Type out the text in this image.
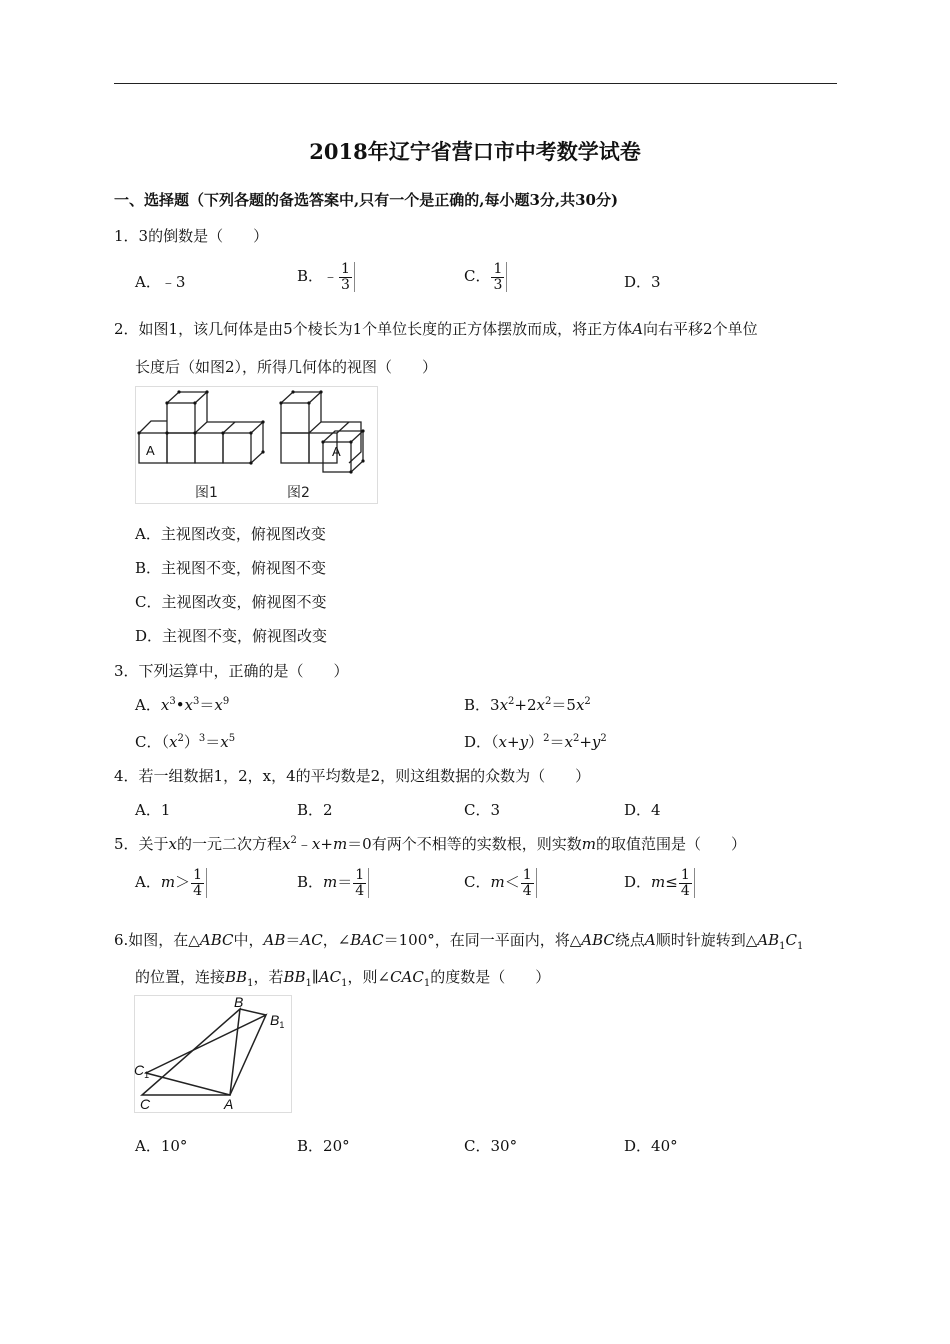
2018年辽宁省营口市中考数学试卷
一、选择题（下列各题的备选答案中,只有一个是正确的,每小题3分,共30分)
1．3的倒数是（　　）
A．﹣3	B．﹣ $\frac{1}{3}$	C． $\frac{1}{3}$	D．3
2．如图1，该几何体是由5个棱长为1个单位长度的正方体摆放而成，将正方体A向右平移2个单位
长度后（如图2），所得几何体的视图（　　）
A	A
图1	图2
A．主视图改变，俯视图改变
B．主视图不变，俯视图不变
C．主视图改变，俯视图不变
D．主视图不变，俯视图改变
3．下列运算中，正确的是（　　）
A．$x^3•x^3=x^9$	B．$3x^2+2x^2=5x^2$
C．$(x^2)^3=x^5$	D．$(x+y)^2=x^2+y^2$
4．若一组数据1，2，x，4的平均数是2，则这组数据的众数为（　　）
A．1	B．2	C．3	D．4
5．关于x的一元二次方程$x^2﹣x+m=0$有两个不相等的实数根，则实数m的取值范围是（　　）
A．$m> \frac{1}{4}$	B．$m= \frac{1}{4}$	C．$m< \frac{1}{4}$	D．$m\le \frac{1}{4}$
6.如图，在△ABC中，AB＝AC，∠BAC＝100°，在同一平面内，将△ABC绕点A顺时针旋转到$\triangle AB_1C_1$
的位置，连接$BB_1$，若$BB_1\parallel AC_1$，则$\angle CAC_1$的度数是（　　）
B
$B_1$
$C_1$
C	A
A．10°	B．20°	C．30°	D．40°
